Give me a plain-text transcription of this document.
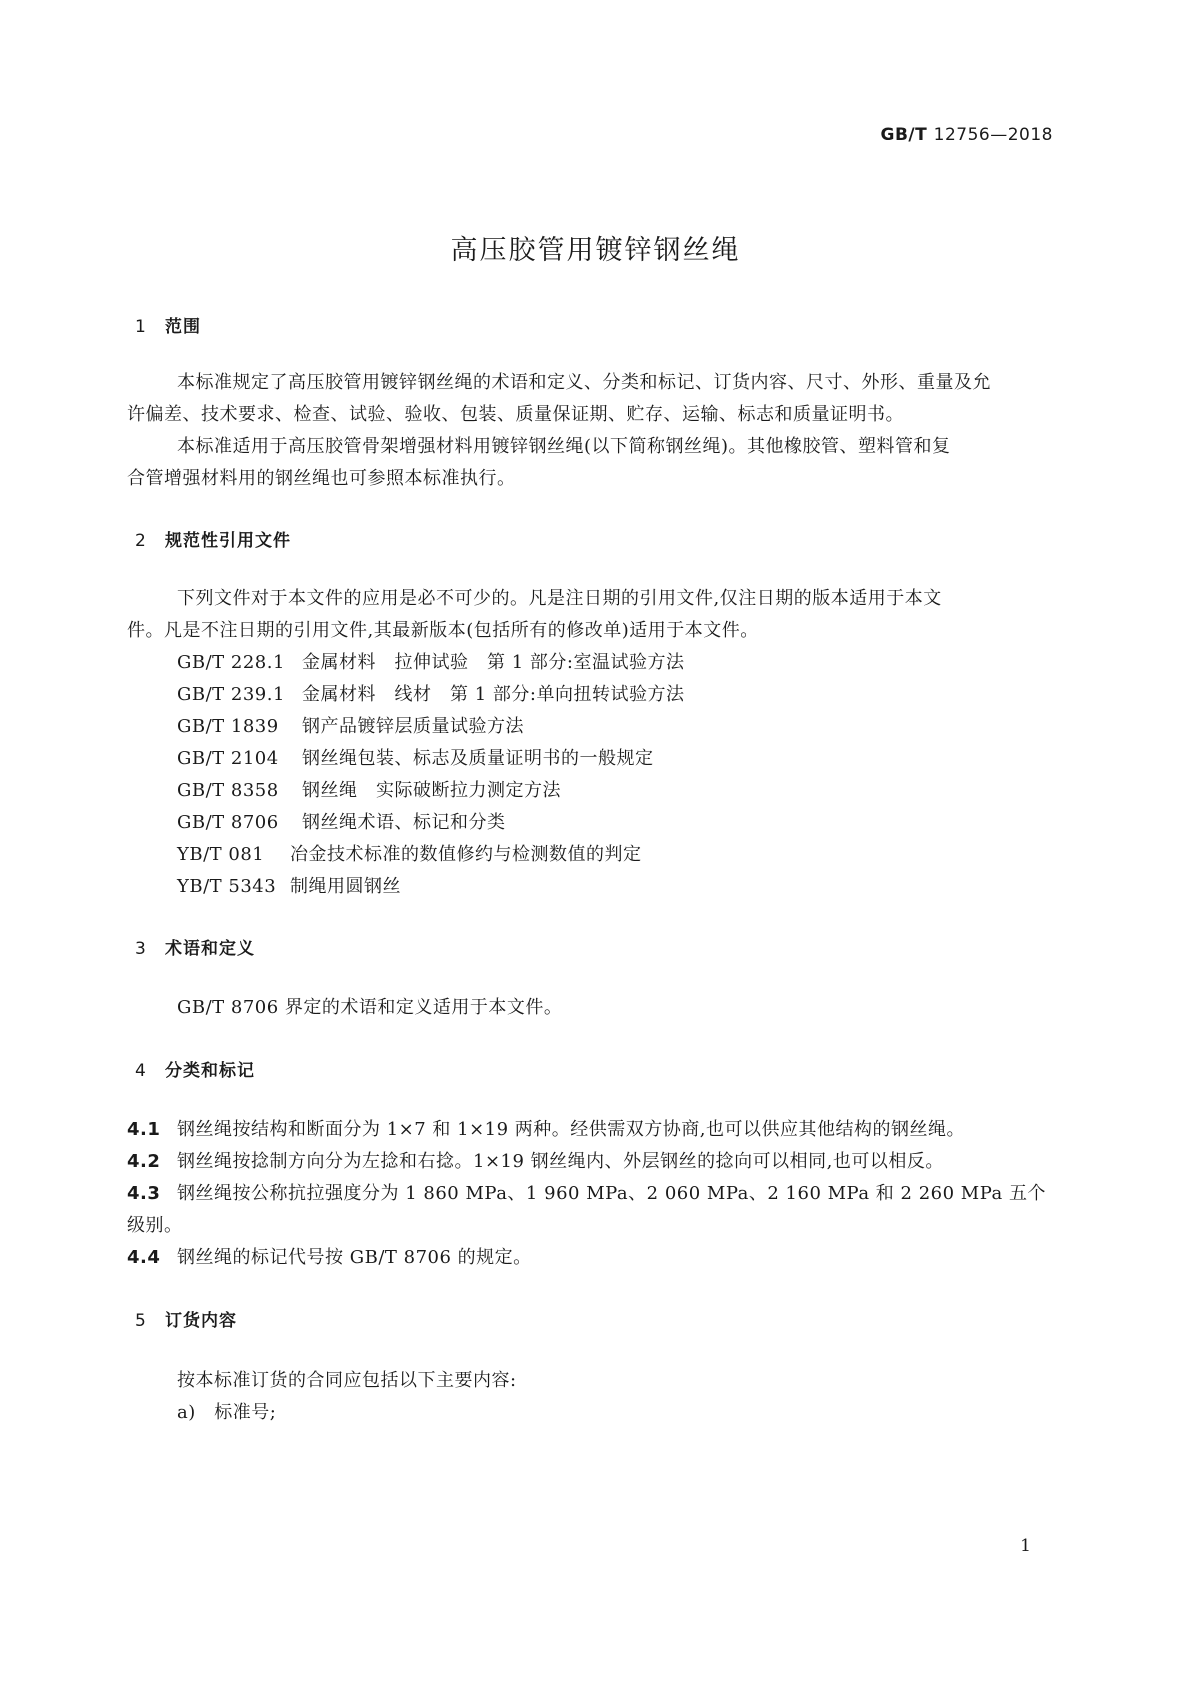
GB/T 12756—2018
高压胶管用镀锌钢丝绳
1 范围
本标准规定了高压胶管用镀锌钢丝绳的术语和定义、分类和标记、订货内容、尺寸、外形、重量及允
许偏差、技术要求、检查、试验、验收、包装、质量保证期、贮存、运输、标志和质量证明书。
本标准适用于高压胶管骨架增强材料用镀锌钢丝绳(以下简称钢丝绳)。其他橡胶管、塑料管和复
合管增强材料用的钢丝绳也可参照本标准执行。
2 规范性引用文件
下列文件对于本文件的应用是必不可少的。凡是注日期的引用文件,仅注日期的版本适用于本文
件。凡是不注日期的引用文件,其最新版本(包括所有的修改单)适用于本文件。
GB/T 228.1 金属材料　拉伸试验　第 1 部分:室温试验方法
GB/T 239.1 金属材料　线材　第 1 部分:单向扭转试验方法
GB/T 1839 钢产品镀锌层质量试验方法
GB/T 2104 钢丝绳包装、标志及质量证明书的一般规定
GB/T 8358 钢丝绳　实际破断拉力测定方法
GB/T 8706 钢丝绳术语、标记和分类
YB/T 081 冶金技术标准的数值修约与检测数值的判定
YB/T 5343 制绳用圆钢丝
3 术语和定义
GB/T 8706 界定的术语和定义适用于本文件。
4 分类和标记
4.1 钢丝绳按结构和断面分为 1×7 和 1×19 两种。经供需双方协商,也可以供应其他结构的钢丝绳。
4.2 钢丝绳按捻制方向分为左捻和右捻。1×19 钢丝绳内、外层钢丝的捻向可以相同,也可以相反。
4.3 钢丝绳按公称抗拉强度分为 1 860 MPa、1 960 MPa、2 060 MPa、2 160 MPa 和 2 260 MPa 五个
级别。
4.4 钢丝绳的标记代号按 GB/T 8706 的规定。
5 订货内容
按本标准订货的合同应包括以下主要内容:
a)　标准号;
1
